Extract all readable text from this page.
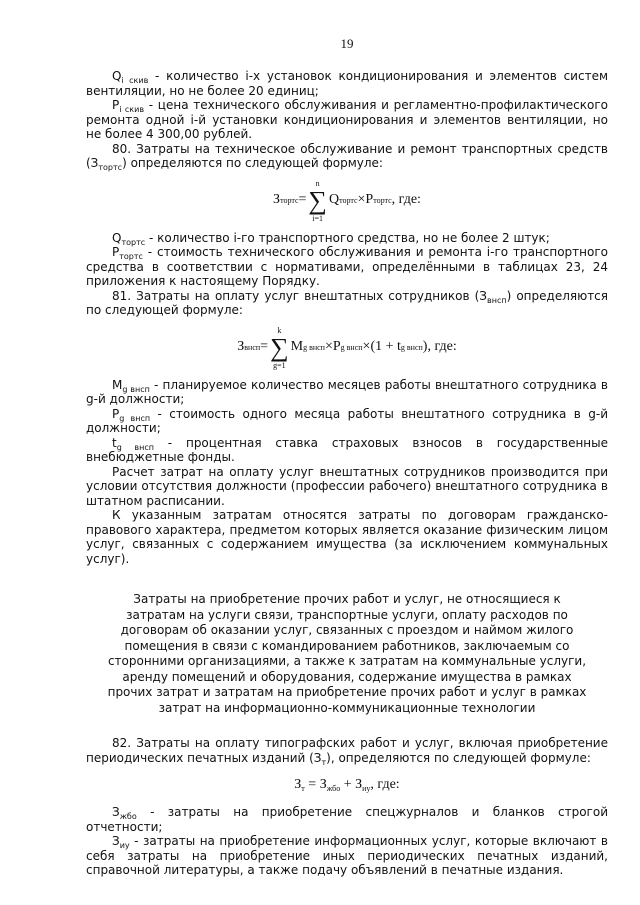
19

$Q_{i скив}$ - количество i-х установок кондиционирования и элементов систем вентиляции, но не более 20 единиц;

$P_{i скив}$ - цена технического обслуживания и регламентно-профилактического ремонта одной i-й установки кондиционирования и элементов вентиляции, но не более 4 300,00 рублей.

80. Затраты на техническое обслуживание и ремонт транспортных средств $(З_{тортс})$ определяются по следующей формуле:

З тортс =
n
∑
i=1
Q тортс × P тортс , где:

$Q_{тортс}$ - количество i-го транспортного средства, но не более 2 штук;

$P_{тортс}$ - стоимость технического обслуживания и ремонта i-го транспортного средства в соответствии с нормативами, определёнными в таблицах 23, 24 приложения к настоящему Порядку.

81. Затраты на оплату услуг внештатных сотрудников $(З_{внсп})$ определяются по следующей формуле:

З внсп =
k
∑
g=1
M g внсп × P g внсп × (1 + t g внсп ), где:

$M_{g внсп}$ - планируемое количество месяцев работы внештатного сотрудника в g-й должности;

$P_{g внсп}$ - стоимость одного месяца работы внештатного сотрудника в g-й должности;

$t_{g внсп}$ - процентная ставка страховых взносов в государственные внебюджетные фонды.

Расчет затрат на оплату услуг внештатных сотрудников производится при условии отсутствия должности (профессии рабочего) внештатного сотрудника в штатном расписании.

К указанным затратам относятся затраты по договорам гражданско-правового характера, предметом которых является оказание физическим лицом услуг, связанных с содержанием имущества (за исключением коммунальных услуг).

Затраты на приобретение прочих работ и услуг, не относящиеся к затратам на услуги связи, транспортные услуги, оплату расходов по договорам об оказании услуг, связанных с проездом и наймом жилого помещения в связи с командированием работников, заключаемым со сторонними организациями, а также к затратам на коммунальные услуги, аренду помещений и оборудования, содержание имущества в рамках прочих затрат и затратам на приобретение прочих работ и услуг в рамках затрат на информационно-коммуникационные технологии

82. Затраты на оплату типографских работ и услуг, включая приобретение периодических печатных изданий $(З_т)$, определяются по следующей формуле:

$З_т = З_{жбо} + З_{иу}$, где:

$З_{жбо}$ - затраты на приобретение спецжурналов и бланков строгой отчетности;

$З_{иу}$ - затраты на приобретение информационных услуг, которые включают в себя затраты на приобретение иных периодических печатных изданий, справочной литературы, а также подачу объявлений в печатные издания.
